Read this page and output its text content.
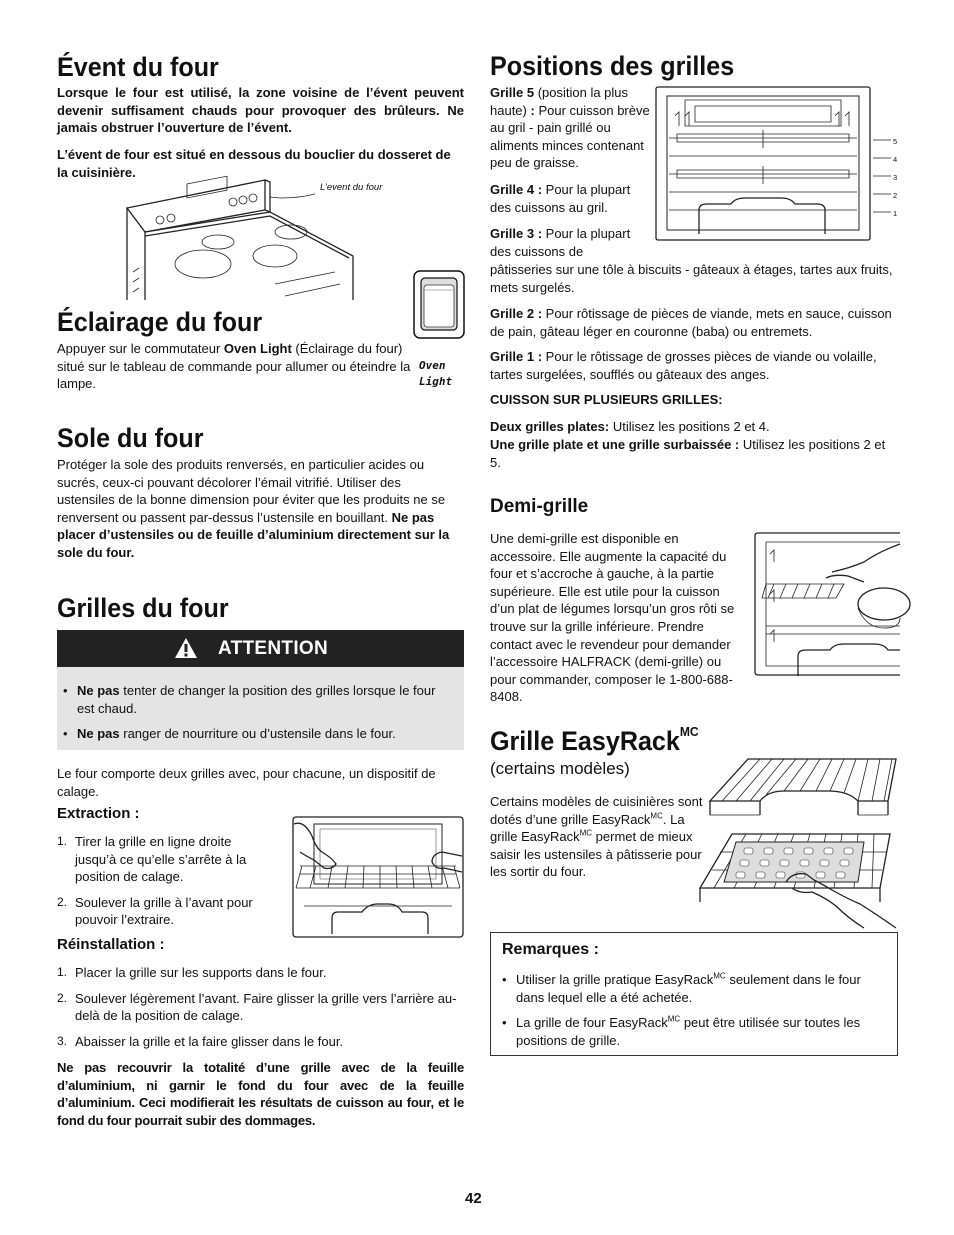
Évent du four
Lorsque le four est utilisé, la zone voisine de l’évent peuvent devenir suffisament chauds pour provoquer des brûleurs. Ne jamais obstruer l’ouverture de l’évent.
L’évent de four est situé en dessous du bouclier du dosseret de la cuisinière.
L’event du four
Éclairage du four
Appuyer sur le commutateur Oven Light (Éclairage du four) situé sur le tableau de commande pour allumer ou éteindre la lampe.
Oven
Light
Sole du four
Protéger la sole des produits renversés, en particulier acides ou sucrés, ceux-ci pouvant décolorer l’émail vitrifié. Utiliser des ustensiles de la bonne dimension pour éviter que les produits ne se renversent ou passent par-dessus l’ustensile en bouillant. Ne pas placer d’ustensiles ou de feuille d’aluminium directement sur la sole du four.
Grilles du four
ATTENTION
• Ne pas tenter de changer la position des grilles lorsque le four est chaud.
• Ne pas ranger de nourriture ou d’ustensile dans le four.
Le four comporte deux grilles avec, pour chacune, un dispositif de calage.
Extraction :
1. Tirer la grille en ligne droite jusqu’à ce qu’elle s’arrête à la position de calage.
2. Soulever la grille à l’avant pour pouvoir l’extraire.
Réinstallation :
1. Placer la grille sur les supports dans le four.
2. Soulever légèrement l’avant. Faire glisser la grille vers l’arrière au-delà de la position de calage.
3. Abaisser la grille et la faire glisser dans le four.
Ne pas recouvrir la totalité d’une grille avec de la feuille d’aluminium, ni garnir le fond du four avec de la feuille d’aluminium. Ceci modifierait les résultats de cuisson au four, et le fond du four pourrait subir des dommages.
Positions des grilles
Grille 5 (position la plus haute) : Pour cuisson brève au gril - pain grillé ou aliments minces contenant peu de graisse.
Grille 4 : Pour la plupart des cuissons au gril.
Grille 3 : Pour la plupart des cuissons de
pâtisseries sur une tôle à biscuits - gâteaux à étages, tartes aux fruits, mets surgelés.
Grille 2 : Pour rôtissage de pièces de viande, mets en sauce, cuisson de pain, gâteau léger en couronne (baba) ou entremets.
Grille 1 : Pour le rôtissage de grosses pièces de viande ou volaille, tartes surgelées, soufflés ou gâteaux des anges.
CUISSON SUR PLUSIEURS GRILLES:
Deux grilles plates: Utilisez les positions 2 et 4.
Une grille plate et une grille surbaissée : Utilisez les positions 2 et 5.
5
4
3
2
1
Demi-grille
Une demi-grille est disponible en accessoire. Elle augmente la capacité du four et s’accroche à gauche, à la partie supérieure. Elle est utile pour la cuisson d’un plat de légumes lorsqu’un gros rôti se trouve sur la grille inférieure. Prendre contact avec le revendeur pour demander l’accessoire HALFRACK (demi-grille) ou pour commander, composer le 1-800-688-8408.
Grille EasyRack$^{MC}$
(certains modèles)
Certains modèles de cuisinières sont dotés d’une grille EasyRack$^{MC}$. La grille EasyRack$^{MC}$ permet de mieux saisir les ustensiles à pâtisserie pour les sortir du four.
Remarques :
• Utiliser la grille pratique EasyRack$^{MC}$ seulement dans le four dans lequel elle a été achetée.
• La grille de four EasyRack$^{MC}$ peut être utilisée sur toutes les positions de grille.
42
